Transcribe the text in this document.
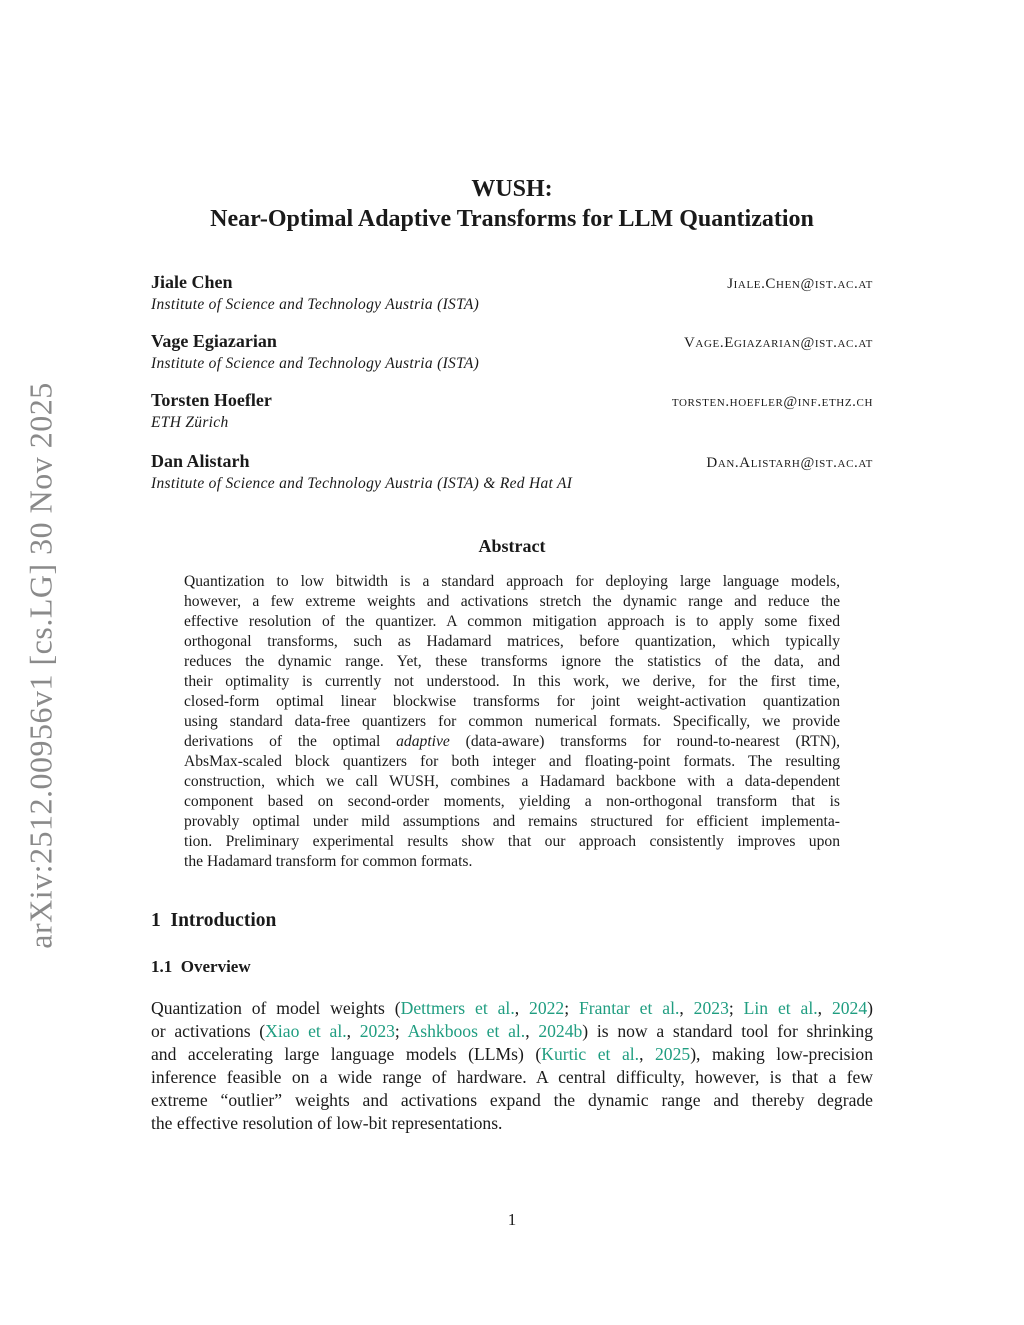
arXiv:2512.00956v1 [cs.LG] 30 Nov 2025
WUSH:
Near-Optimal Adaptive Transforms for LLM Quantization
Jiale Chen	Jiale.Chen@ist.ac.at
Institute of Science and Technology Austria (ISTA)
Vage Egiazarian	Vage.Egiazarian@ist.ac.at
Institute of Science and Technology Austria (ISTA)
Torsten Hoefler	torsten.hoefler@inf.ethz.ch
ETH Zürich
Dan Alistarh	Dan.Alistarh@ist.ac.at
Institute of Science and Technology Austria (ISTA) & Red Hat AI
Abstract
Quantization to low bitwidth is a standard approach for deploying large language models,
however, a few extreme weights and activations stretch the dynamic range and reduce the
effective resolution of the quantizer. A common mitigation approach is to apply some fixed
orthogonal transforms, such as Hadamard matrices, before quantization, which typically
reduces the dynamic range. Yet, these transforms ignore the statistics of the data, and
their optimality is currently not understood. In this work, we derive, for the first time,
closed-form optimal linear blockwise transforms for joint weight-activation quantization
using standard data-free quantizers for common numerical formats. Specifically, we provide
derivations of the optimal adaptive (data-aware) transforms for round-to-nearest (RTN),
AbsMax-scaled block quantizers for both integer and floating-point formats. The resulting
construction, which we call WUSH, combines a Hadamard backbone with a data-dependent
component based on second-order moments, yielding a non-orthogonal transform that is
provably optimal under mild assumptions and remains structured for efficient implementa-
tion. Preliminary experimental results show that our approach consistently improves upon
the Hadamard transform for common formats.
1 Introduction
1.1 Overview
Quantization of model weights (Dettmers et al., 2022; Frantar et al., 2023; Lin et al., 2024)
or activations (Xiao et al., 2023; Ashkboos et al., 2024b) is now a standard tool for shrinking
and accelerating large language models (LLMs) (Kurtic et al., 2025), making low-precision
inference feasible on a wide range of hardware. A central difficulty, however, is that a few
extreme “outlier” weights and activations expand the dynamic range and thereby degrade
the effective resolution of low-bit representations.
1
